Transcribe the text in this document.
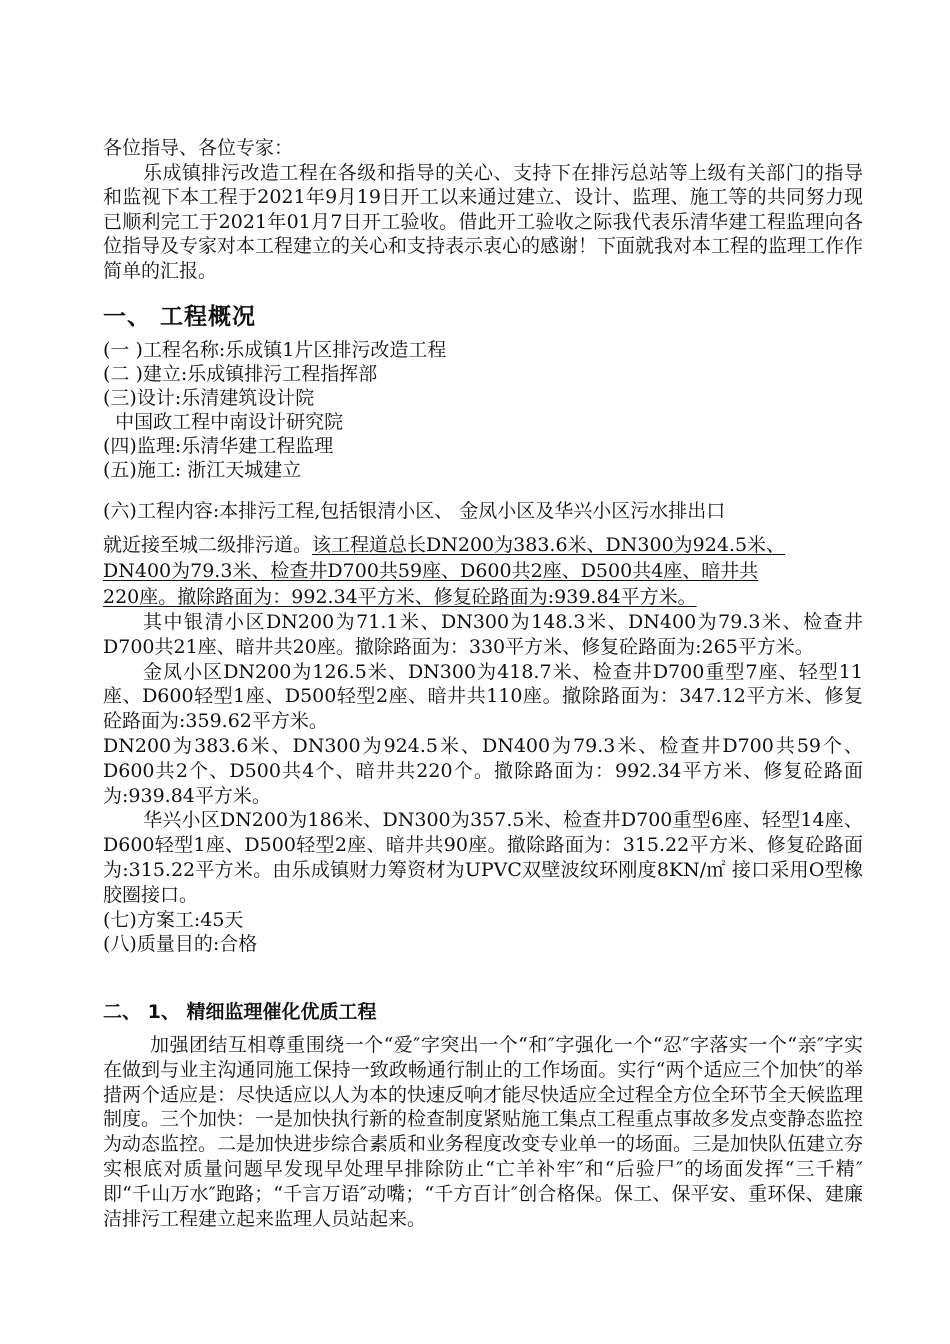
各位指导、各位专家：

乐成镇排污改造工程在各级和指导的关心、支持下在排污总站等上级有关部门的指导和监视下本工程于2021年9月19日开工以来通过建立、设计、监理、施工等的共同努力现已顺利完工于2021年01月7日开工验收。借此开工验收之际我代表乐清华建工程监理向各位指导及专家对本工程建立的关心和支持表示衷心的感谢！下面就我对本工程的监理工作作简单的汇报。

一、 工程概况

(一 )工程名称:乐成镇1片区排污改造工程

(二 )建立:乐成镇排污工程指挥部

(三)设计:乐清建筑设计院

中国政工程中南设计研究院

(四)监理:乐清华建工程监理

(五)施工: 浙江天城建立

(六)工程内容:本排污工程,包括银清小区、 金凤小区及华兴小区污水排出口

就近接至城二级排污道。该工程道总长DN200为383.6米、DN300为924.5米、

DN400为79.3米、检查井D700共59座、D600共2座、D500共4座、暗井共

220座。撤除路面为：992.34平方米、修复砼路面为:939.84平方米。

其中银清小区DN200为71.1米、DN300为148.3米、DN400为79.3米、检查井D700共21座、暗井共20座。撤除路面为：330平方米、修复砼路面为:265平方米。

金凤小区DN200为126.5米、DN300为418.7米、检查井D700重型7座、轻型11座、D600轻型1座、D500轻型2座、暗井共110座。撤除路面为：347.12平方米、修复砼路面为:359.62平方米。

DN200为383.6米、DN300为924.5米、DN400为79.3米、检查井D700共59个、D600共2个、D500共4个、暗井共220个。撤除路面为：992.34平方米、修复砼路面为:939.84平方米。

华兴小区DN200为186米、DN300为357.5米、检查井D700重型6座、轻型14座、D600轻型1座、D500轻型2座、暗井共90座。撤除路面为：315.22平方米、修复砼路面为:315.22平方米。由乐成镇财力筹资材为UPVC双壁波纹环刚度8KN/㎡ 接口采用O型橡胶圈接口。

(七)方案工:45天

(八)质量目的:合格

二、 1、 精细监理催化优质工程

加强团结互相尊重围绕一个“爱″字突出一个“和″字强化一个“忍″字落实一个“亲″字实在做到与业主沟通同施工保持一致政畅通行制止的工作场面。实行“两个适应三个加快″的举措两个适应是：尽快适应以人为本的快速反响才能尽快适应全过程全方位全环节全天候监理制度。三个加快：一是加快执行新的检查制度紧贴施工集点工程重点事故多发点变静态监控为动态监控。二是加快进步综合素质和业务程度改变专业单一的场面。三是加快队伍建立夯实根底对质量问题早发现早处理早排除防止“亡羊补牢″和“后验尸″的场面发挥“三千精″即“千山万水″跑路；“千言万语″动嘴；“千方百计″创合格保。保工、保平安、重环保、建廉洁排污工程建立起来监理人员站起来。
